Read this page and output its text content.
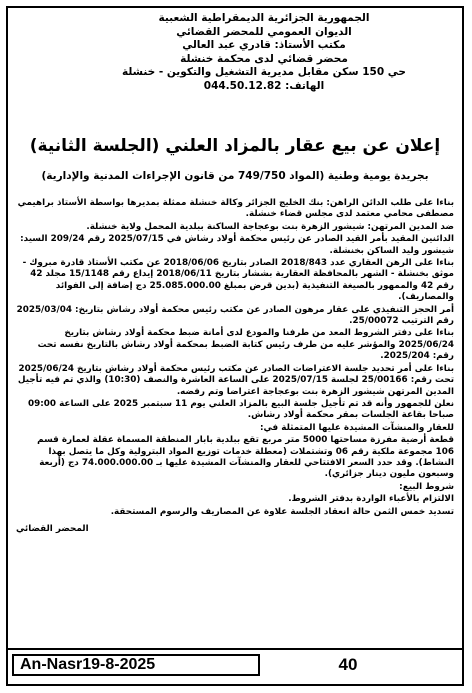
الجمهورية الجزائرية الديمقراطية الشعبية
الديوان العمومي للمحضر القضائي
مكتب الأستاذ: قادري عبد العالي
محضر قضائي لدى محكمة خنشلة
حي 150 سكن مقابل مديرية التشغيل والتكوين - خنشلة
الهاتف: 044.50.12.82
إعلان عن بيع عقار بالمزاد العلني (الجلسة الثانية)
بجريدة يومية وطنية (المواد 749/750 من قانون الإجراءات المدنية والإدارية)

بناءا على طلب الدائن الراهن: بنك الخليج الجزائر وكالة خنشلة ممثلة بمديرها بواسطة الأستاذ براهيمي مصطفى محامي معتمد لدى مجلس قضاء خنشلة.

ضد المدين المرتهن: شيشور الزهرة بنت بوعجاجة الساكنة ببلدية المحمل ولاية خنشلة.

الدائنين المقيد بأمر القيد الصادر عن رئيس محكمة أولاد رشاش في 2025/07/15 رقم 209/24 السيد: شيشور وليد الساكن بخنشلة.

بناءا على الرهن العقاري عدد 2018/843 الصادر بتاريخ 2018/06/06 عن مكتب الأستاذ قادرة مبروك - موثق بخنشلة - الشهر بالمحافظة العقارية بششار بتاريخ 2018/06/11 إيداع رقم 15/1148 مجلد 42 رقم 42 والممهور بالصيغة التنفيذية (بدين قرض بمبلغ 25.085.000.00 دج إضافة إلى الفوائد والمصاريف).

أمر الحجز التنفيذي على عقار مرهون الصادر عن مكتب رئيس محكمة أولاد رشاش بتاريخ: 2025/03/04 رقم الترتيب 25/00072.

بناءا على دفتر الشروط المعد من طرفنا والمودع لدى أمانة ضبط محكمة أولاد رشاش بتاريخ 2025/06/24 والمؤشر عليه من طرف رئيس كتابة الضبط بمحكمة أولاد رشاش بالتاريخ نفسه تحت رقم: 2025/204.

بناءا على أمر تحديد جلسة الاعتراضات الصادر عن مكتب رئيس محكمة أولاد رشاش بتاريخ 2025/06/24 تحت رقم: 25/00166 لجلسة 2025/07/15 على الساعة العاشرة والنصف (10:30) والذي تم فيه تأجيل المدين المرتهن شيشور الزهرة بنت بوعجاجة اعتراضا وتم رفضه.

نعلن للجمهور وأنه قد تم تأجيل جلسة البيع بالمزاد العلني يوم 11 سبتمبر 2025 على الساعة 09:00 صباحا بقاعة الجلسات بمقر محكمة أولاد رشاش.

للعقار والمنشآت المشيدة عليها المتمثلة في:

قطعة أرضية مفرزة مساحتها 5000 متر مربع تقع ببلدية بابار المنطقة المسماة عقلة لعمارة قسم 106 مجموعة ملكية رقم 06 وتشتملات (معطلة خدمات توزيع المواد البترولية وكل ما يتصل بهذا النشاط). وقد حدد السعر الافتتاحي للعقار والمنشآت المشيدة عليها بـ 74.000.000.00 دج (أربعة وسبعون مليون دينار جزائري).

شروط البيع:

الالتزام بالأعباء الواردة بدفتر الشروط.

تسديد خمس الثمن حالة انعقاد الجلسة علاوة عن المصاريف والرسوم المستحقة.

المحضر القضائي
An-Nasr19-8-2025	40
